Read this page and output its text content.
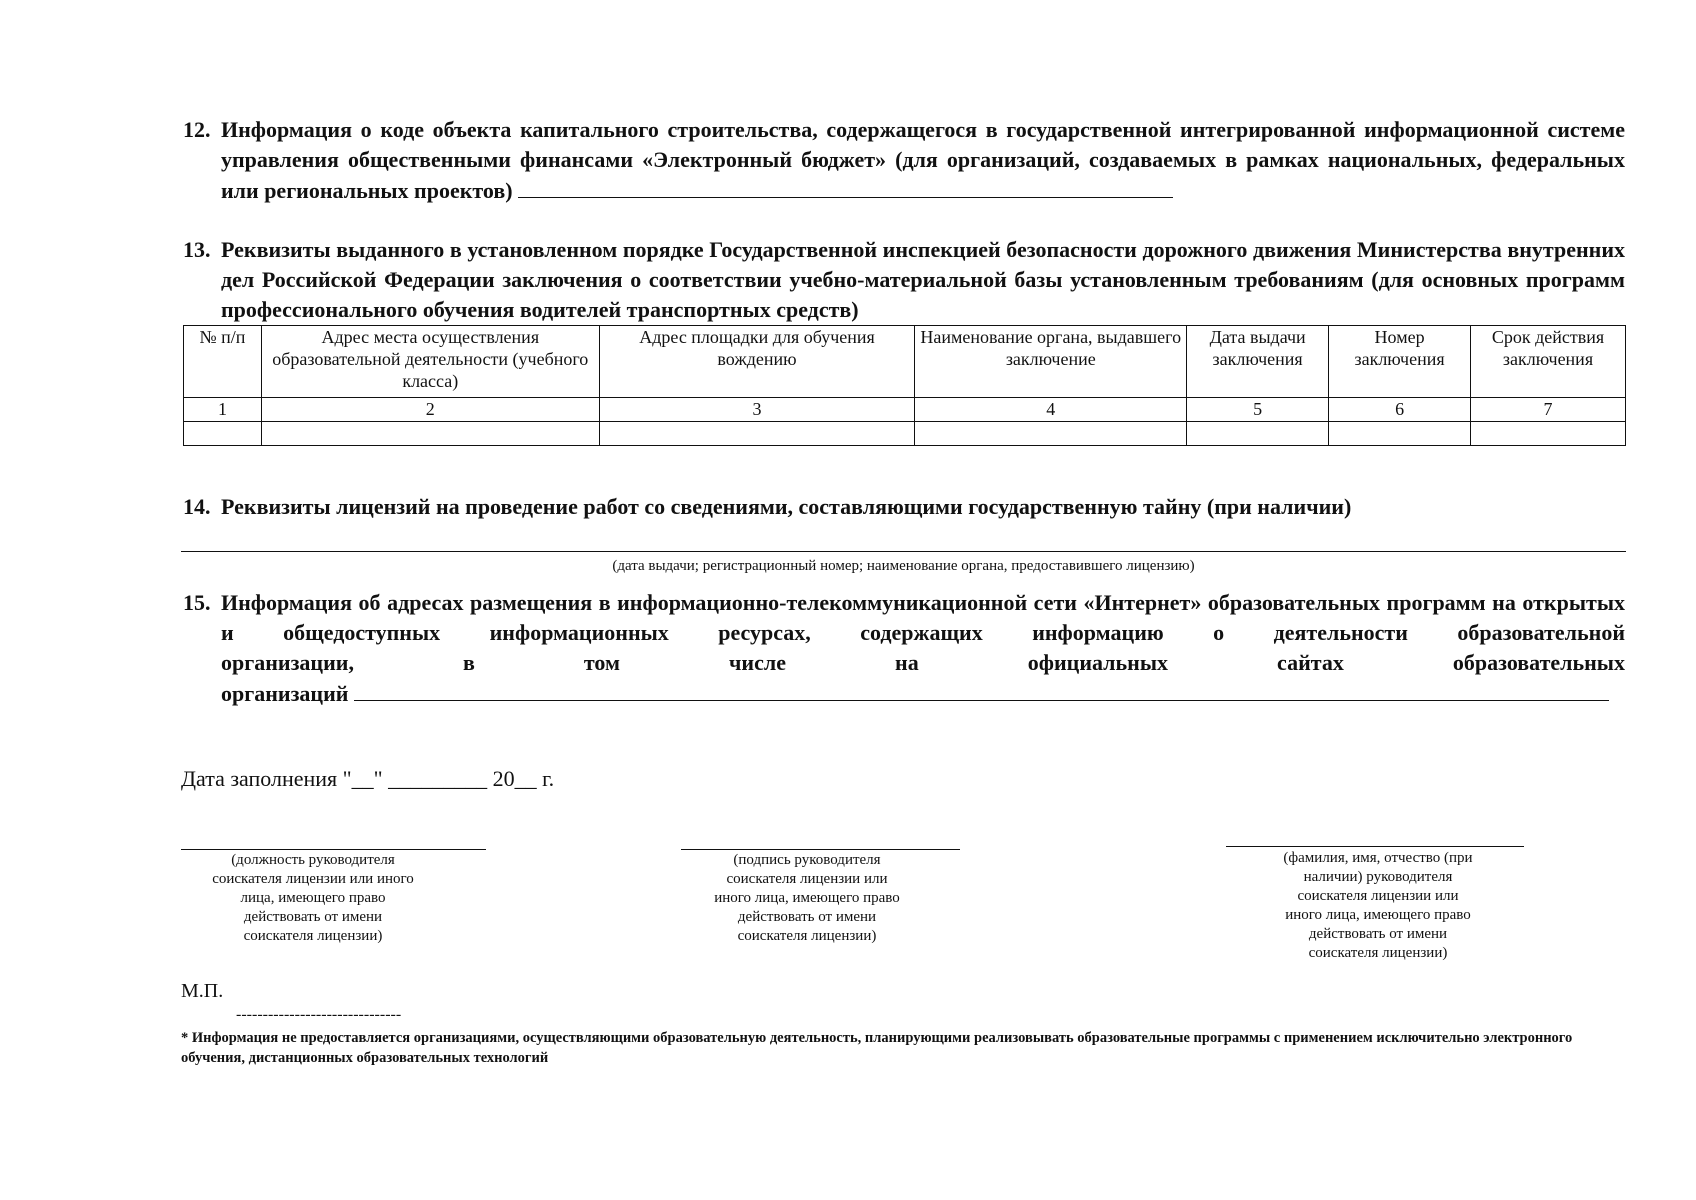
12. Информация о коде объекта капитального строительства, содержащегося в государственной интегрированной информационной системе управления общественными финансами «Электронный бюджет» (для организаций, создаваемых в рамках национальных, федеральных или региональных проектов)
13. Реквизиты выданного в установленном порядке Государственной инспекцией безопасности дорожного движения Министерства внутренних дел Российской Федерации заключения о соответствии учебно-материальной базы установленным требованиям (для основных программ профессионального обучения водителей транспортных средств)
№ п/п	Адрес места осуществления образовательной деятельности (учебного класса)	Адрес площадки для обучения вождению	Наименование органа, выдавшего заключение	Дата выдачи заключения	Номер заключения	Срок действия заключения
1	2	3	4	5	6	7

14. Реквизиты лицензий на проведение работ со сведениями, составляющими государственную тайну (при наличии)
(дата выдачи; регистрационный номер; наименование органа, предоставившего лицензию)
15. Информация об адресах размещения в информационно-телекоммуникационной сети «Интернет» образовательных программ на открытых и общедоступных информационных ресурсах, содержащих информацию о деятельности образовательной
организации, в том числе на официальных сайтах образовательных
организаций
Дата заполнения "__" _________ 20__ г.
(должность руководителя соискателя лицензии или иного лица, имеющего право действовать от имени соискателя лицензии)
(подпись руководителя соискателя лицензии или иного лица, имеющего право действовать от имени соискателя лицензии)
(фамилия, имя, отчество (при наличии) руководителя соискателя лицензии или иного лица, имеющего право действовать от имени соискателя лицензии)
М.П.
-------------------------------
* Информация не предоставляется организациями, осуществляющими образовательную деятельность, планирующими реализовывать образовательные программы с применением исключительно электронного обучения, дистанционных образовательных технологий
